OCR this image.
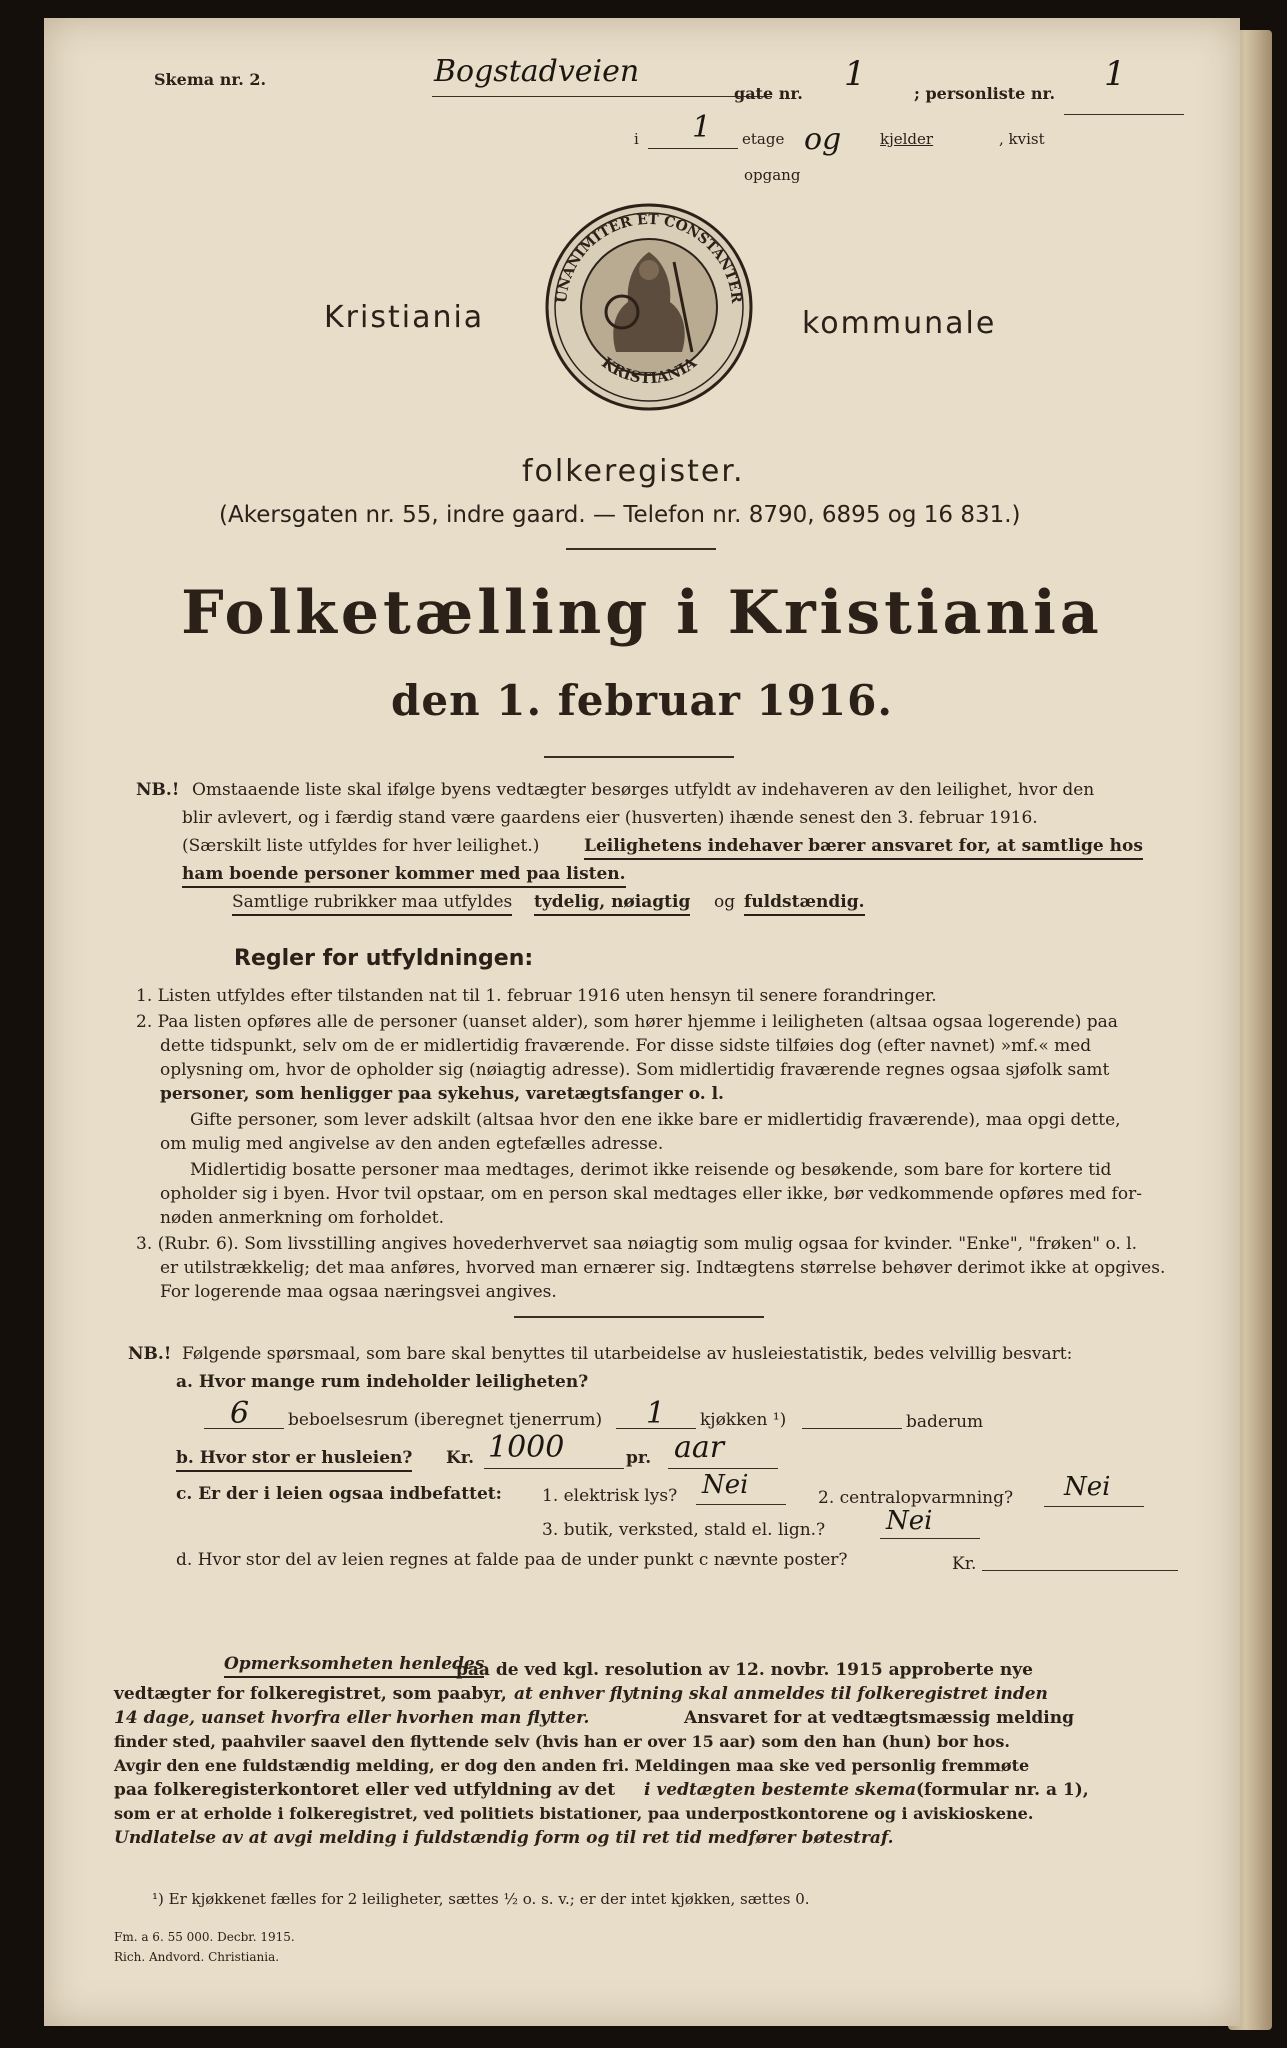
Skema nr. 2.	Bogstadveien
gate nr. 1	; personliste nr. 1
i 1 etage og	kjelder	, kvist
opgang
UNANIMITER ET CONSTANTER
KRISTIANIA
Kristiania	kommunale
folkeregister.
(Akersgaten nr. 55, indre gaard. — Telefon nr. 8790, 6895 og 16 831.)
Folketælling i Kristiania
den 1. februar 1916.
NB.! Omstaaende liste skal ifølge byens vedtægter besørges utfyldt av indehaveren av den leilighet, hvor den
blir avlevert, og i færdig stand være gaardens eier (husverten) ihænde senest den 3. februar 1916.
(Særskilt liste utfyldes for hver leilighet.)	Leilighetens indehaver bærer ansvaret for, at samtlige hos
ham boende personer kommer med paa listen.
Samtlige rubrikker maa utfyldes tydelig, nøiagtig og fuldstændig.
Regler for utfyldningen:
1. Listen utfyldes efter tilstanden nat til 1. februar 1916 uten hensyn til senere forandringer.
2. Paa listen opføres alle de personer (uanset alder), som hører hjemme i leiligheten (altsaa ogsaa logerende) paa
dette tidspunkt, selv om de er midlertidig fraværende. For disse sidste tilføies dog (efter navnet) »mf.« med
oplysning om, hvor de opholder sig (nøiagtig adresse). Som midlertidig fraværende regnes ogsaa sjøfolk samt
personer, som henligger paa sykehus, varetægtsfanger o. l.
Gifte personer, som lever adskilt (altsaa hvor den ene ikke bare er midlertidig fraværende), maa opgi dette,
om mulig med angivelse av den anden egtefælles adresse.
Midlertidig bosatte personer maa medtages, derimot ikke reisende og besøkende, som bare for kortere tid
opholder sig i byen. Hvor tvil opstaar, om en person skal medtages eller ikke, bør vedkommende opføres med for-
nøden anmerkning om forholdet.
3. (Rubr. 6). Som livsstilling angives hovederhvervet saa nøiagtig som mulig ogsaa for kvinder. "Enke", "frøken" o. l.
er utilstrækkelig; det maa anføres, hvorved man ernærer sig. Indtægtens størrelse behøver derimot ikke at opgives.
For logerende maa ogsaa næringsvei angives.
NB.! Følgende spørsmaal, som bare skal benyttes til utarbeidelse av husleiestatistik, bedes velvillig besvart:
a. Hvor mange rum indeholder leiligheten?
6 beboelsesrum (iberegnet tjenerrum) 1 kjøkken ¹)	baderum
b. Hvor stor er husleien? Kr. 1000	pr. aar
c. Er der i leien ogsaa indbefattet: 1. elektrisk lys? Nei	2. centralopvarmning? Nei
3. butik, verksted, stald el. lign.? Nei
d. Hvor stor del av leien regnes at falde paa de under punkt c nævnte poster?	Kr.
Opmerksomheten henledes
paa de ved kgl. resolution av 12. novbr. 1915 approberte nye
vedtægter for folkeregistret, som paabyr, at enhver flytning skal anmeldes til folkeregistret inden
14 dage, uanset hvorfra eller hvorhen man flytter.	Ansvaret for at vedtægtsmæssig melding
finder sted, paahviler saavel den flyttende selv (hvis han er over 15 aar) som den han (hun) bor hos.
Avgir den ene fuldstændig melding, er dog den anden fri. Meldingen maa ske ved personlig fremmøte
paa folkeregisterkontoret eller ved utfyldning av det i vedtægten bestemte skema (formular nr. a 1),
som er at erholde i folkeregistret, ved politiets bistationer, paa underpostkontorene og i aviskioskene.
Undlatelse av at avgi melding i fuldstændig form og til ret tid medfører bøtestraf.
¹) Er kjøkkenet fælles for 2 leiligheter, sættes ½ o. s. v.; er der intet kjøkken, sættes 0.
Fm. a 6. 55 000. Decbr. 1915.
Rich. Andvord. Christiania.
